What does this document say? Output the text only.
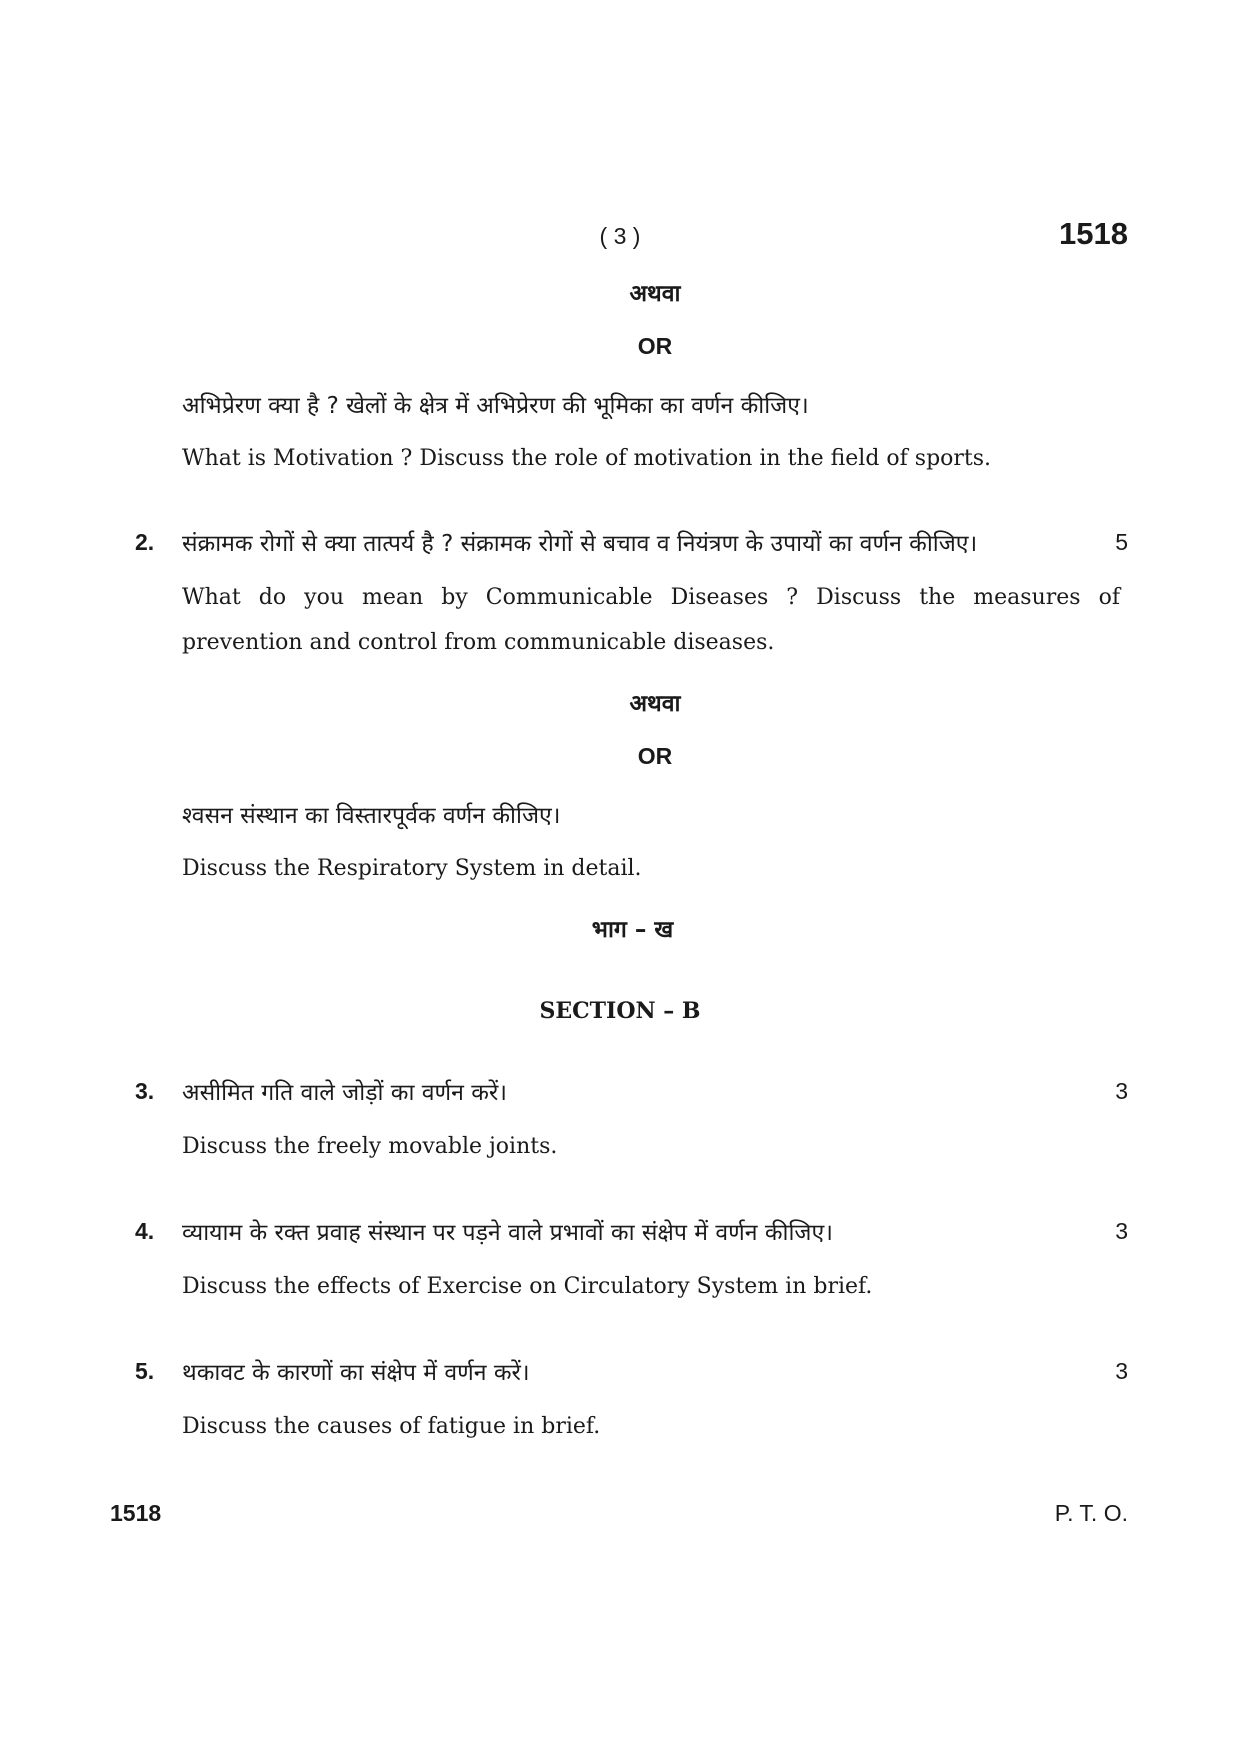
( 3 )	1518
अथवा
OR
अभिप्रेरण क्या है ? खेलों के क्षेत्र में अभिप्रेरण की भूमिका का वर्णन कीजिए।
What is Motivation ? Discuss the role of motivation in the field of sports.
2. संक्रामक रोगों से क्या तात्पर्य है ? संक्रामक रोगों से बचाव व नियंत्रण के उपायों का वर्णन कीजिए।	5
What do you mean by Communicable Diseases ? Discuss the measures of
prevention and control from communicable diseases.
अथवा
OR
श्वसन संस्थान का विस्तारपूर्वक वर्णन कीजिए।
Discuss the Respiratory System in detail.
भाग – ख
SECTION – B
3. असीमित गति वाले जोड़ों का वर्णन करें।	3
Discuss the freely movable joints.
4. व्यायाम के रक्त प्रवाह संस्थान पर पड़ने वाले प्रभावों का संक्षेप में वर्णन कीजिए।	3
Discuss the effects of Exercise on Circulatory System in brief.
5. थकावट के कारणों का संक्षेप में वर्णन करें।	3
Discuss the causes of fatigue in brief.
1518	P. T. O.
